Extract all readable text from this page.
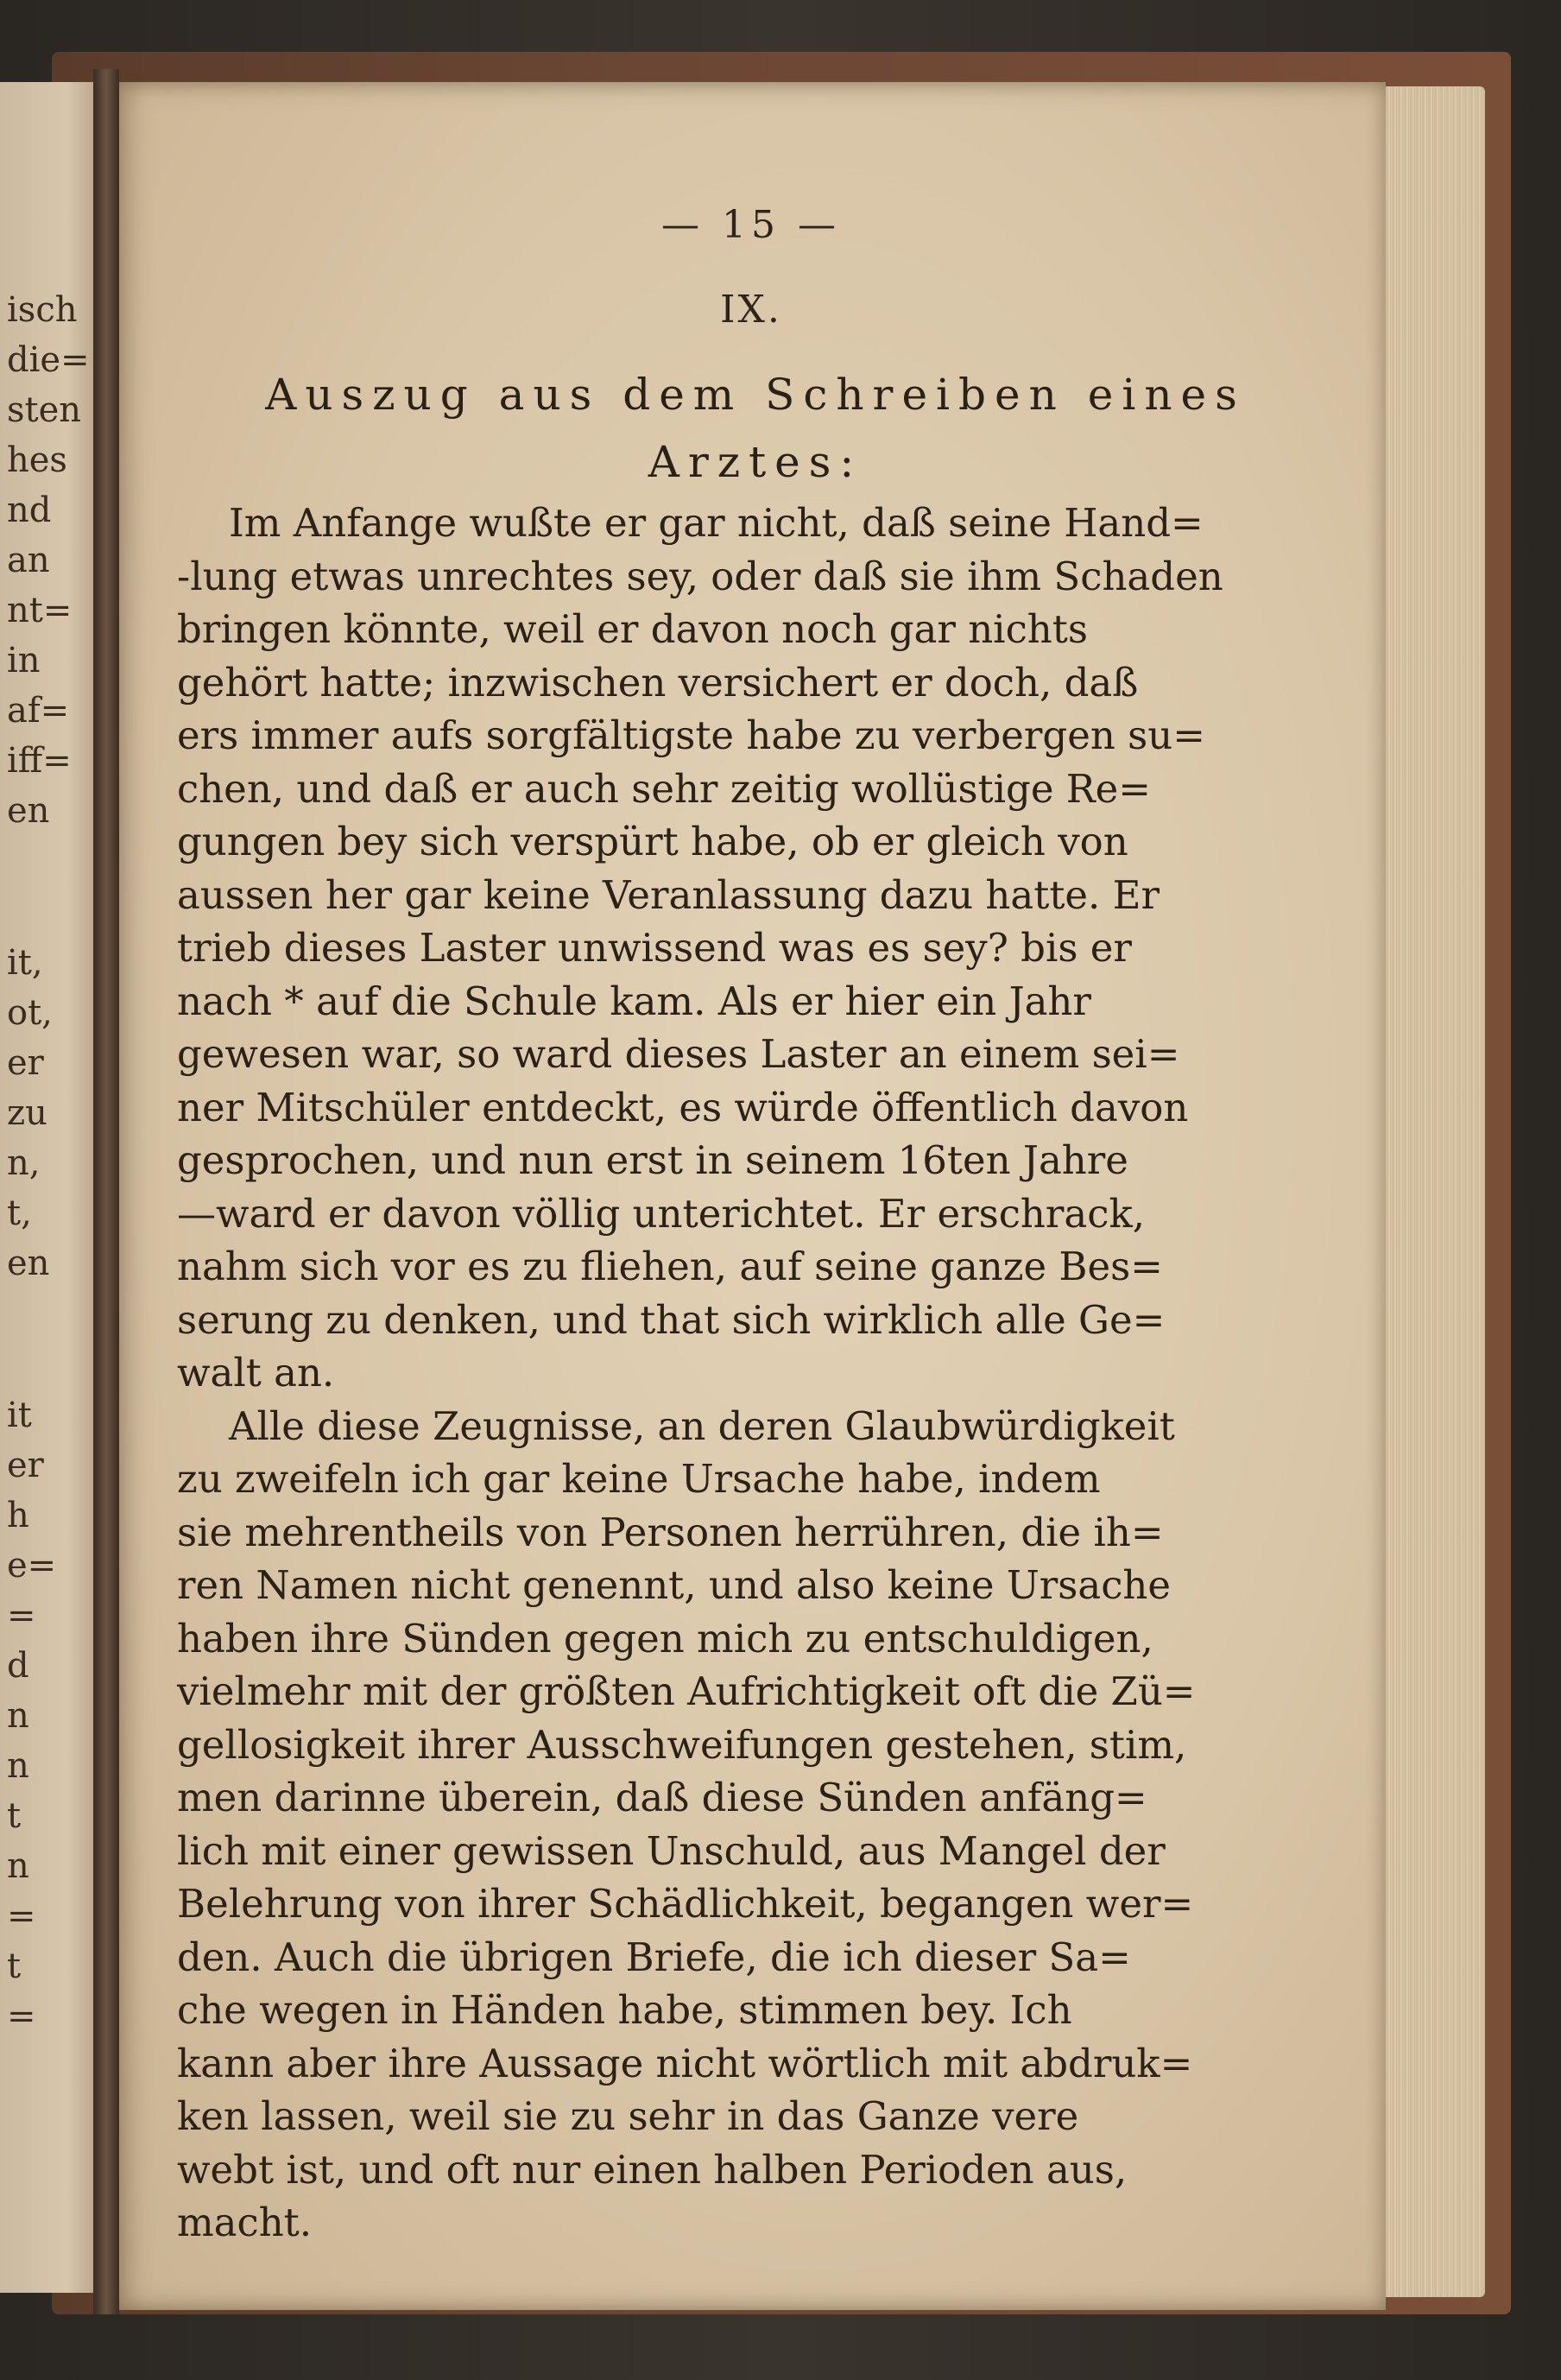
isch
die=
sten
hes
nd
an
nt=
in
af=
iff=
en
it,
ot,
er
zu
n,
t,
en
it
er
h
e=
=
d
n
n
t
n
=
t
=
— 15 —
IX.
Auszug aus dem Schreiben eines
Arztes:
Im Anfange wußte er gar nicht, daß seine Hand=
-lung etwas unrechtes sey, oder daß sie ihm Schaden
bringen könnte, weil er davon noch gar nichts
gehört hatte; inzwischen versichert er doch, daß
ers immer aufs sorgfältigste habe zu verbergen su=
chen, und daß er auch sehr zeitig wollüstige Re=
gungen bey sich verspürt habe, ob er gleich von
aussen her gar keine Veranlassung dazu hatte. Er
trieb dieses Laster unwissend was es sey? bis er
nach * auf die Schule kam. Als er hier ein Jahr
gewesen war, so ward dieses Laster an einem sei=
ner Mitschüler entdeckt, es würde öffentlich davon
gesprochen, und nun erst in seinem 16ten Jahre
—ward er davon völlig unterichtet. Er erschrack,
nahm sich vor es zu fliehen, auf seine ganze Bes=
serung zu denken, und that sich wirklich alle Ge=
walt an.
Alle diese Zeugnisse, an deren Glaubwürdigkeit
zu zweifeln ich gar keine Ursache habe, indem
sie mehrentheils von Personen herrühren, die ih=
ren Namen nicht genennt, und also keine Ursache
haben ihre Sünden gegen mich zu entschuldigen,
vielmehr mit der größten Aufrichtigkeit oft die Zü=
gellosigkeit ihrer Ausschweifungen gestehen, stim,
men darinne überein, daß diese Sünden anfäng=
lich mit einer gewissen Unschuld, aus Mangel der
Belehrung von ihrer Schädlichkeit, begangen wer=
den. Auch die übrigen Briefe, die ich dieser Sa=
che wegen in Händen habe, stimmen bey. Ich
kann aber ihre Aussage nicht wörtlich mit abdruk=
ken lassen, weil sie zu sehr in das Ganze vere
webt ist, und oft nur einen halben Perioden aus,
macht.
